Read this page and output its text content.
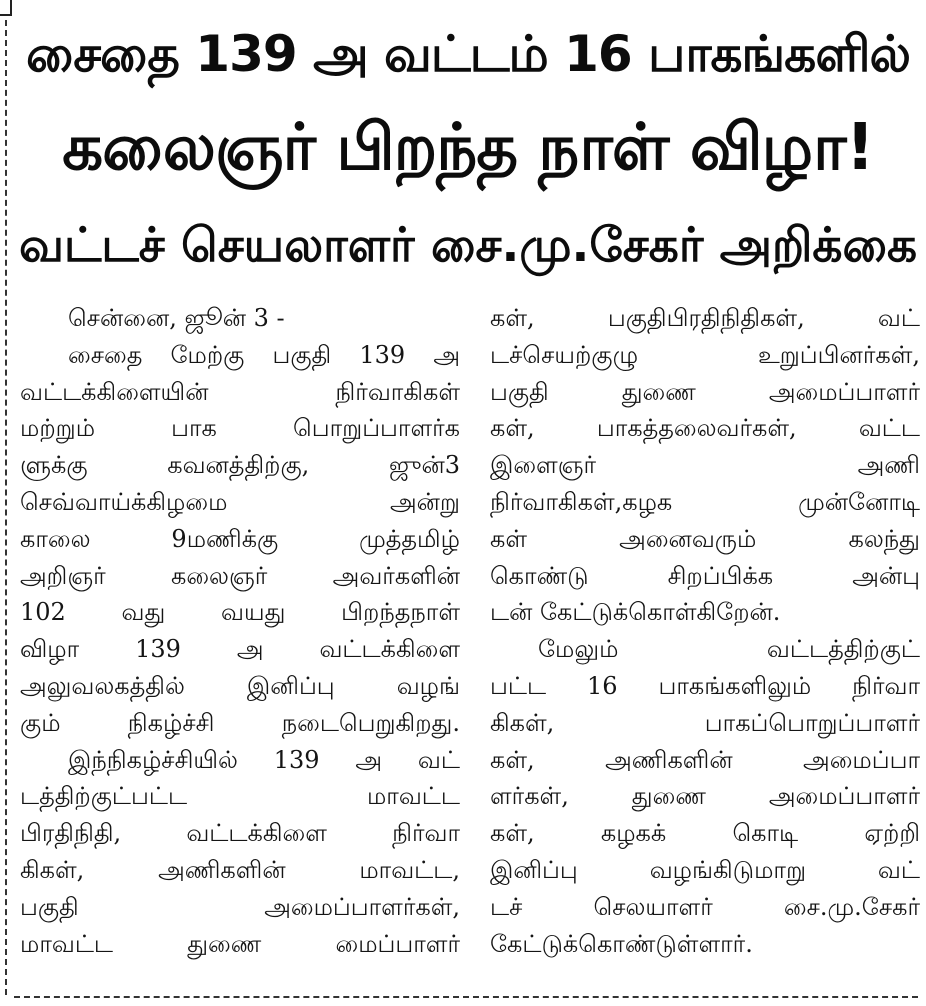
சைதை 139 அ வட்டம் 16 பாகங்களில்
கலைஞர் பிறந்த நாள் விழா!
வட்டச் செயலாளர் சை.மு.சேகர் அறிக்கை
சென்னை, ஜூன் 3 -
சைதை மேற்கு பகுதி 139 அ
வட்டக்கிளையின் நிர்வாகிகள்
மற்றும் பாக பொறுப்பாளர்க
ளுக்கு கவனத்திற்கு, ஜுன்3
செவ்வாய்க்கிழமை அன்று
காலை 9மணிக்கு முத்தமிழ்
அறிஞர் கலைஞர் அவர்களின்
102 வது வயது பிறந்தநாள்
விழா 139 அ வட்டக்கிளை
அலுவலகத்தில் இனிப்பு வழங்
கும் நிகழ்ச்சி நடைபெறுகிறது.
இந்நிகழ்ச்சியில் 139 அ வட்
டத்திற்குட்பட்ட மாவட்ட
பிரதிநிதி, வட்டக்கிளை நிர்வா
கிகள், அணிகளின் மாவட்ட,
பகுதி அமைப்பாளர்கள்,
மாவட்ட துணை மைப்பாளர்
கள், பகுதிபிரதிநிதிகள், வட்
டச்செயற்குழு உறுப்பினர்கள்,
பகுதி துணை அமைப்பாளர்
கள், பாகத்தலைவர்கள், வட்ட
இளைஞர் அணி
நிர்வாகிகள்,கழக முன்னோடி
கள் அனைவரும் கலந்து
கொண்டு சிறப்பிக்க அன்பு
டன் கேட்டுக்கொள்கிறேன்.
மேலும் வட்டத்திற்குட்
பட்ட 16 பாகங்களிலும் நிர்வா
கிகள், பாகப்பொறுப்பாளர்
கள், அணிகளின் அமைப்பா
ளர்கள், துணை அமைப்பாளர்
கள், கழகக் கொடி ஏற்றி
இனிப்பு வழங்கிடுமாறு வட்
டச் செலயாளர் சை.மு.சேகர்
கேட்டுக்கொண்டுள்ளார்.
